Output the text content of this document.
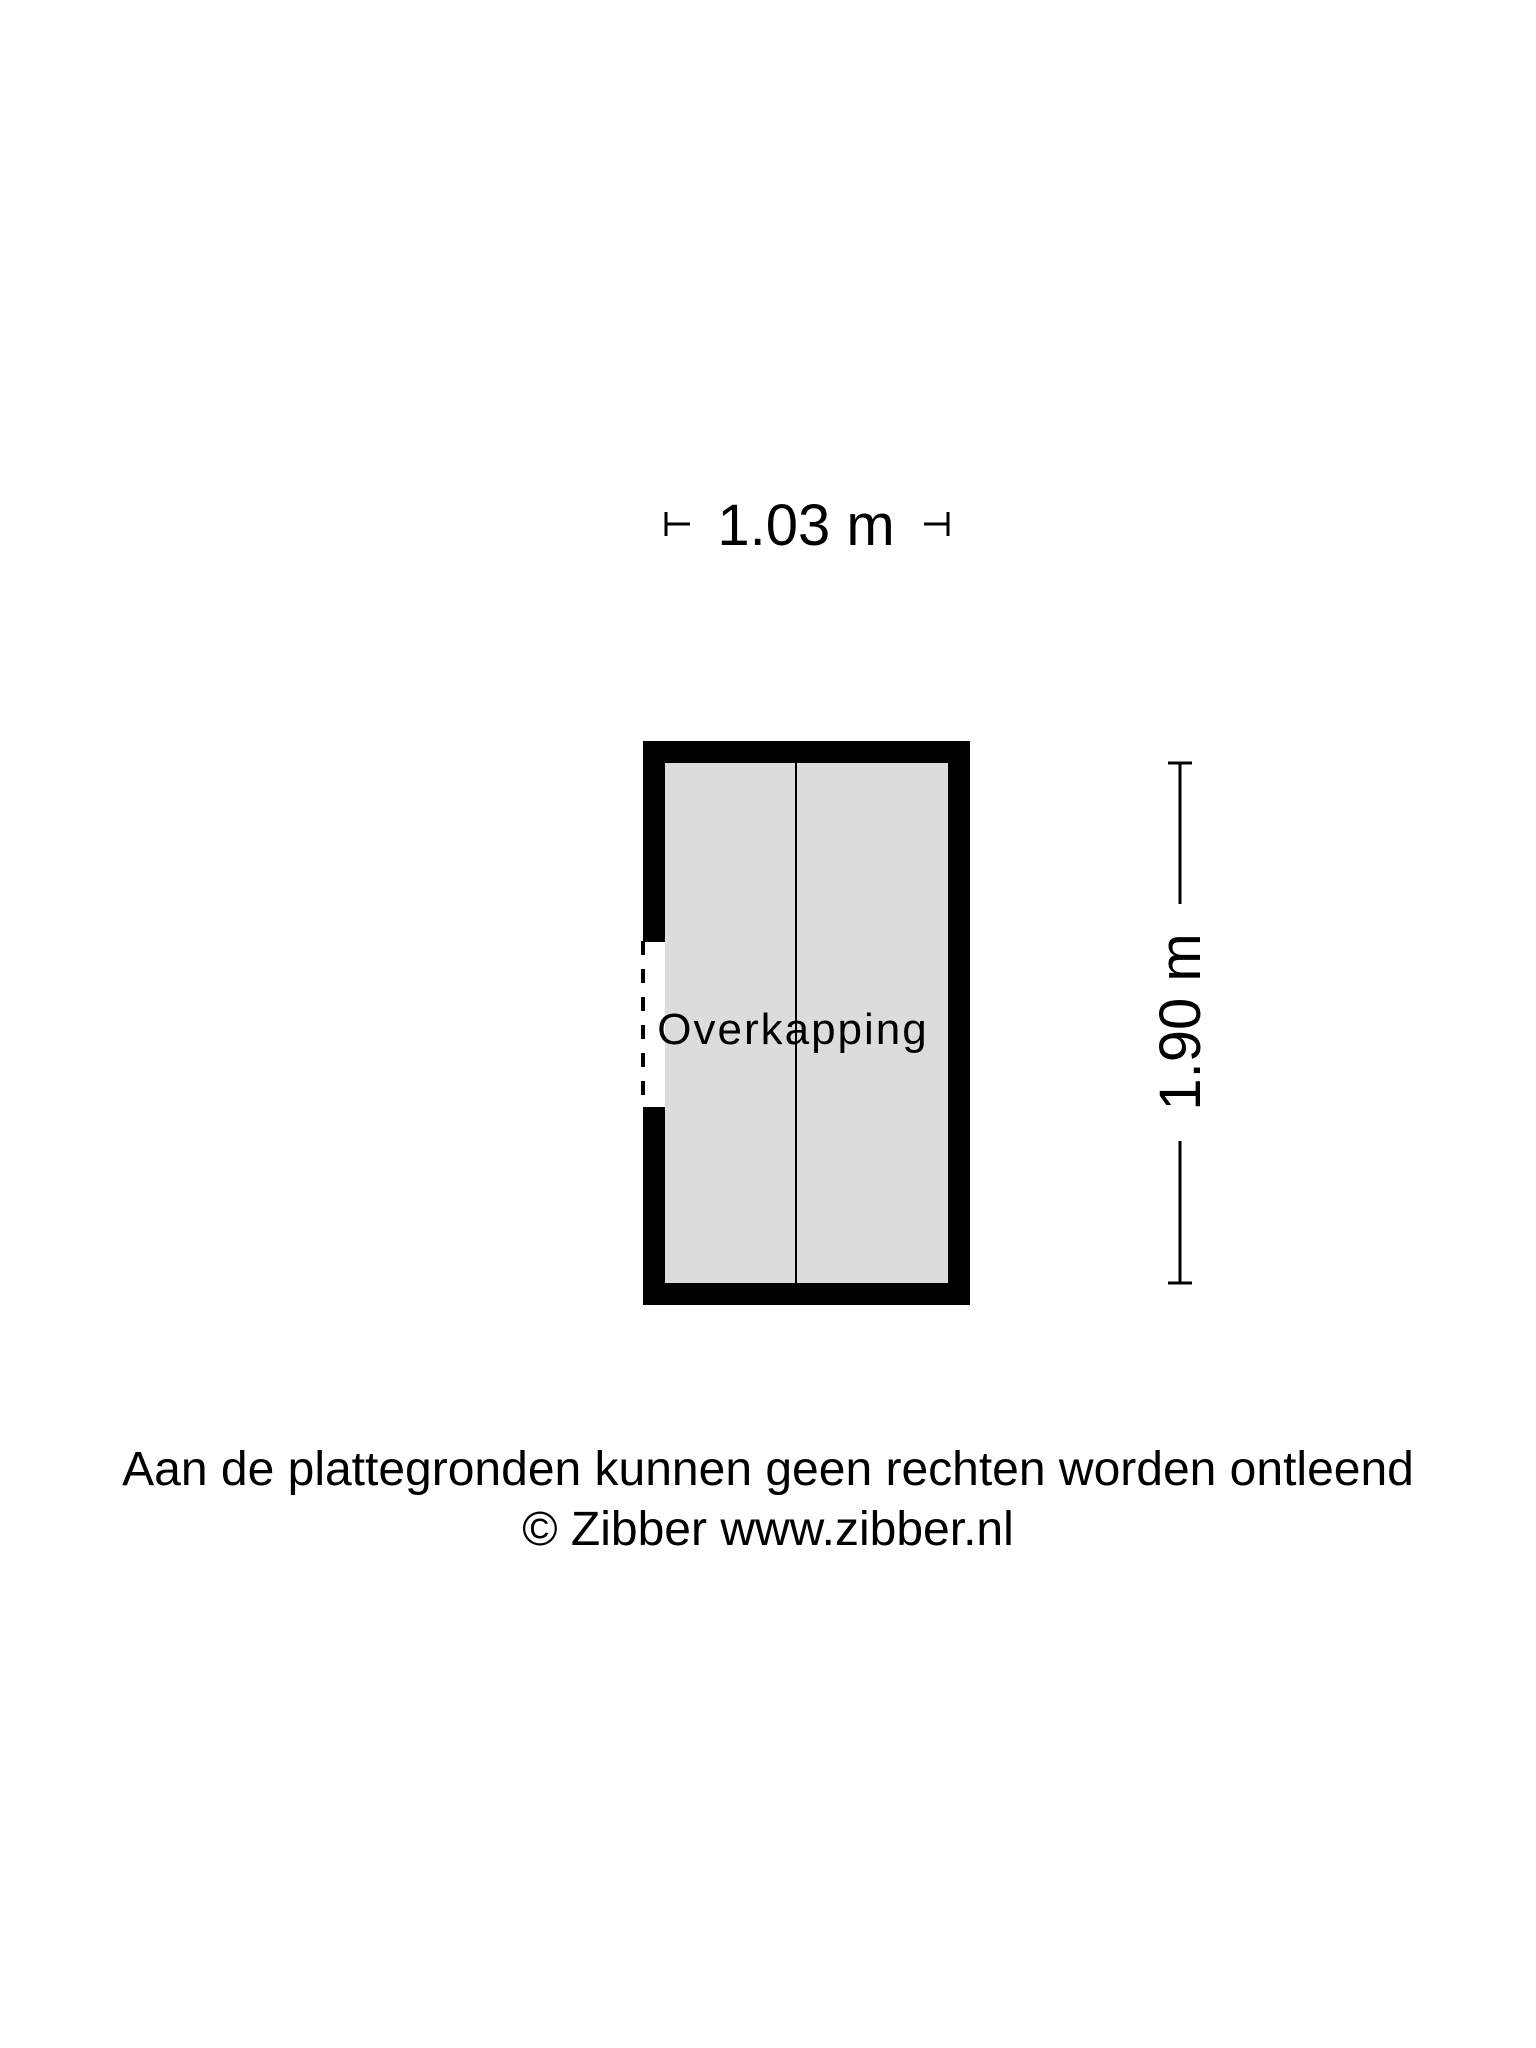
1.03 m
Overkapping	1.90 m
Aan de plattegronden kunnen geen rechten worden ontleend
© Zibber www.zibber.nl
